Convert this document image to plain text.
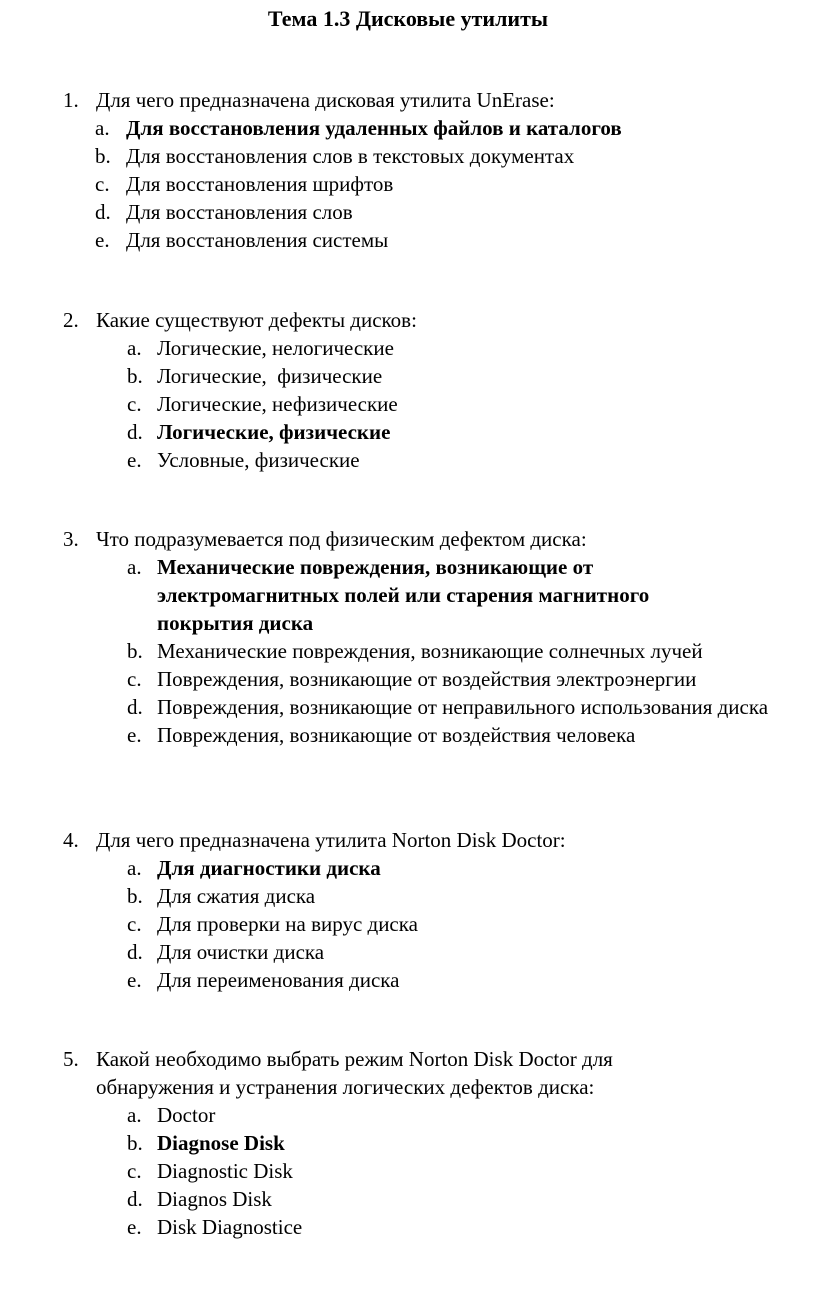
Тема 1.3 Дисковые утилиты
1. Для чего предназначена дисковая утилита UnErase:
a. Для восстановления удаленных файлов и каталогов
b. Для восстановления слов в текстовых документах
c. Для восстановления шрифтов
d. Для восстановления слов
e. Для восстановления системы
2. Какие существуют дефекты дисков:
a. Логические, нелогические
b. Логические,  физические
c. Логические, нефизические
d. Логические, физические
e. Условные, физические
3. Что подразумевается под физическим дефектом диска:
a. Механические повреждения, возникающие от электромагнитных полей или старения магнитного покрытия диска
b. Механические повреждения, возникающие солнечных лучей
c. Повреждения, возникающие от воздействия электроэнергии
d. Повреждения, возникающие от неправильного использования диска
e. Повреждения, возникающие от воздействия человека
4. Для чего предназначена утилита Norton Disk Doctor:
a. Для диагностики диска
b. Для сжатия диска
c. Для проверки на вирус диска
d. Для очистки диска
e. Для переименования диска
5. Какой необходимо выбрать режим Norton Disk Doctor для обнаружения и устранения логических дефектов диска:
a. Doctor
b. Diagnose Disk
c. Diagnostic Disk
d. Diagnos Disk
e. Disk Diagnostice
